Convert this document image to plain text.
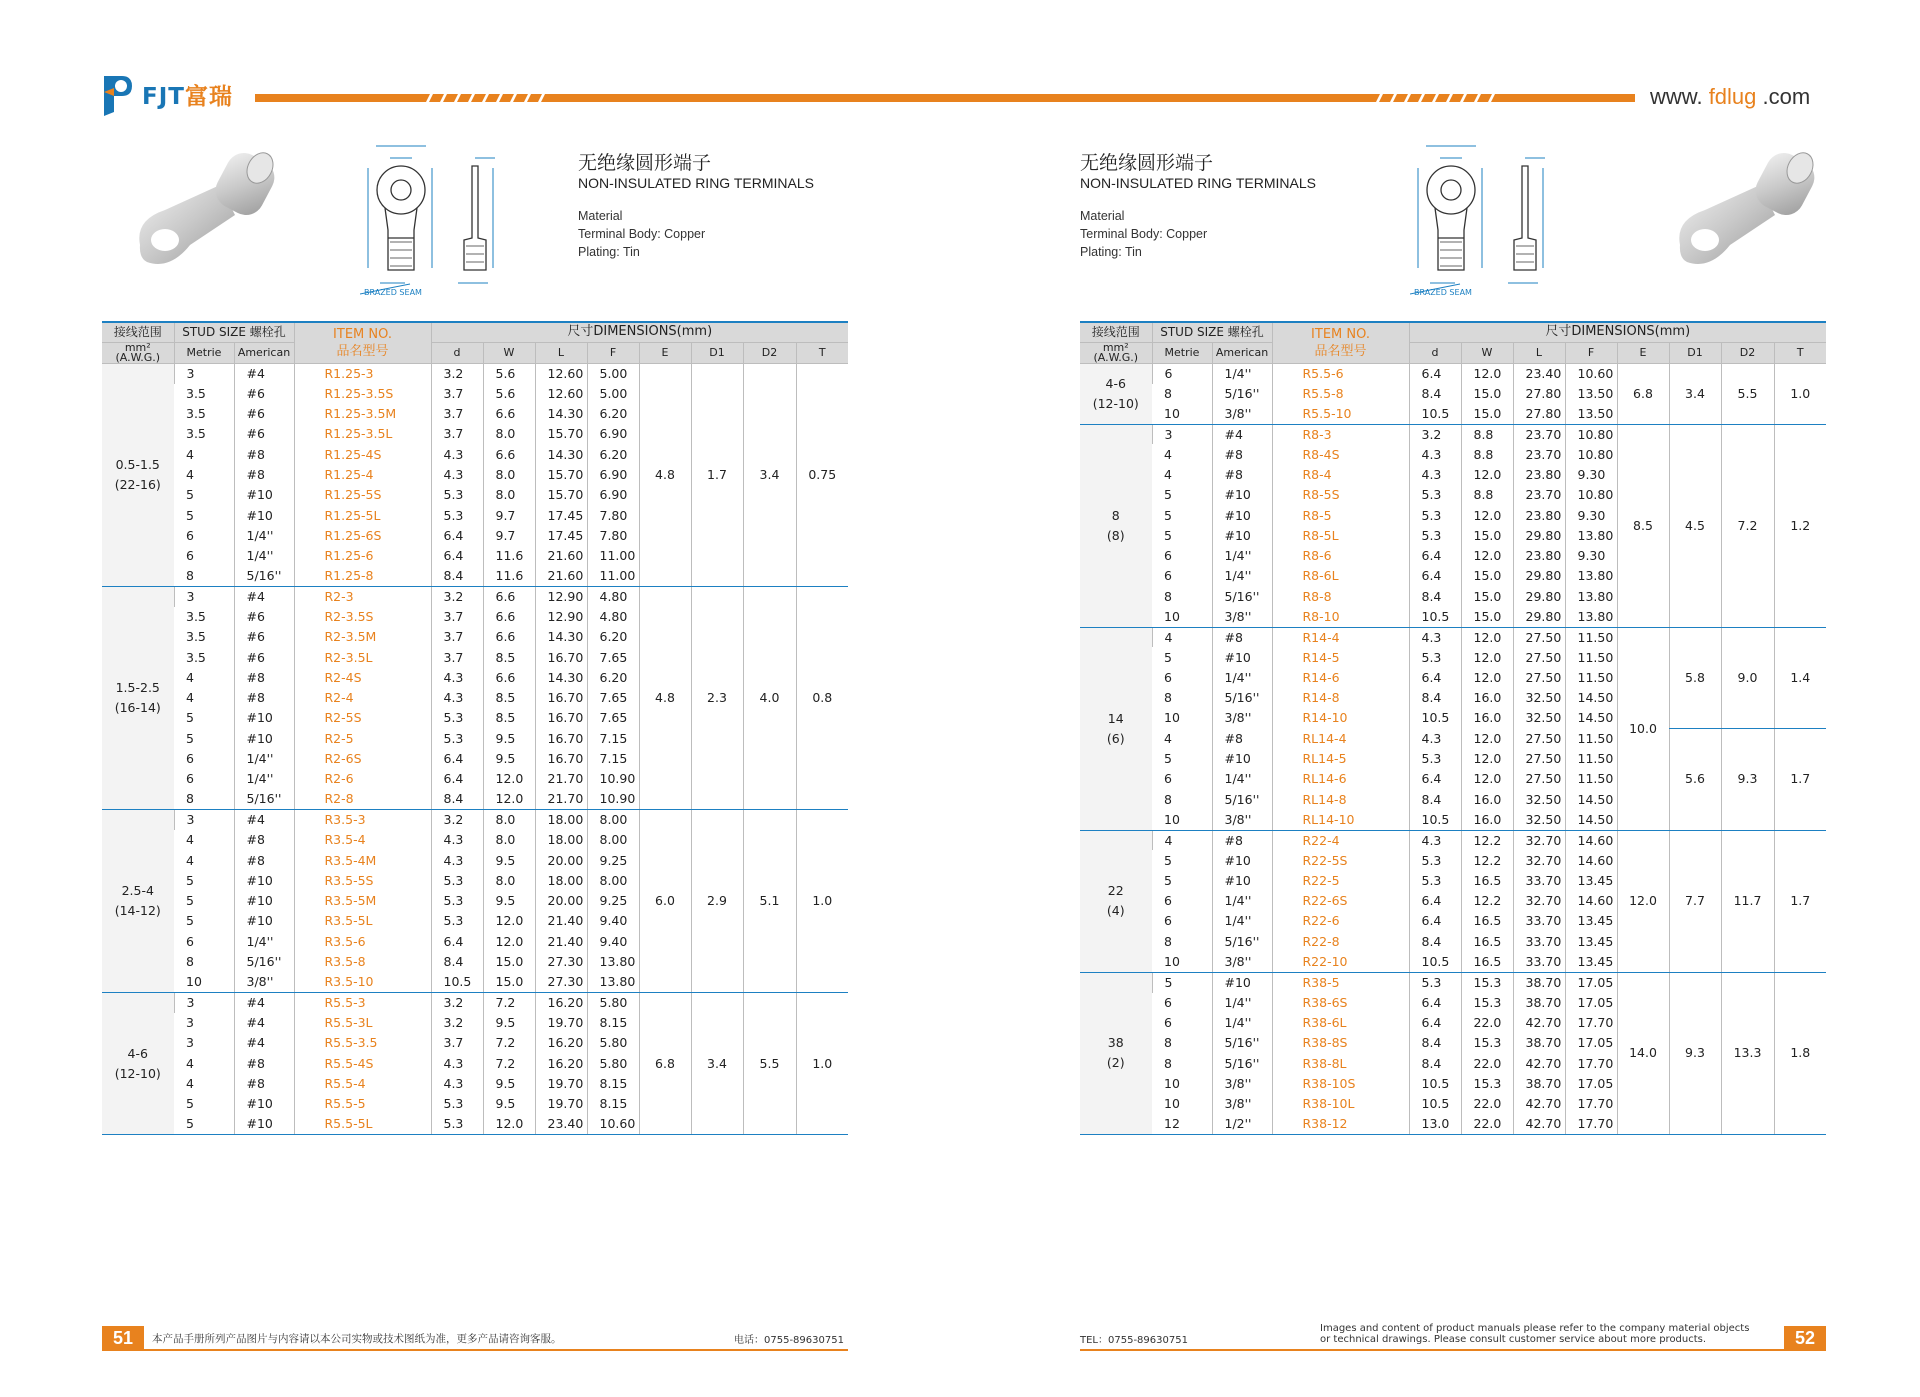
FJT富瑞	www. fdlug .com
BRAZED SEAM
无绝缘圆形端子
NON-INSULATED RING TERMINALS
Material
Terminal Body: Copper
Plating: Tin
无绝缘圆形端子
NON-INSULATED RING TERMINALS
Material
Terminal Body: Copper
Plating: Tin
BRAZED SEAM
接线范围	STUD SIZE 螺栓孔		ITEM NO.
品名型号	尺寸DIMENSIONS(mm)							

mm²
(A.W.G.)	Metrie	American		d	W	L	F	E	D1	D2	T

0.5-1.5
(22-16)	3	#4	R1.25-3	3.2	5.6	12.60	5.00	4.8	1.7	3.4	0.75
	3.5	#6	R1.25-3.5S	3.7	5.6	12.60	5.00				
	3.5	#6	R1.25-3.5M	3.7	6.6	14.30	6.20				
	3.5	#6	R1.25-3.5L	3.7	8.0	15.70	6.90				
	4	#8	R1.25-4S	4.3	6.6	14.30	6.20				
	4	#8	R1.25-4	4.3	8.0	15.70	6.90				
	5	#10	R1.25-5S	5.3	8.0	15.70	6.90				
	5	#10	R1.25-5L	5.3	9.7	17.45	7.80				
	6	1/4''	R1.25-6S	6.4	9.7	17.45	7.80				
	6	1/4''	R1.25-6	6.4	11.6	21.60	11.00				
	8	5/16''	R1.25-8	8.4	11.6	21.60	11.00				

1.5-2.5
(16-14)	3	#4	R2-3	3.2	6.6	12.90	4.80	4.8	2.3	4.0	0.8
	3.5	#6	R2-3.5S	3.7	6.6	12.90	4.80				
	3.5	#6	R2-3.5M	3.7	6.6	14.30	6.20				
	3.5	#6	R2-3.5L	3.7	8.5	16.70	7.65				
	4	#8	R2-4S	4.3	6.6	14.30	6.20				
	4	#8	R2-4	4.3	8.5	16.70	7.65				
	5	#10	R2-5S	5.3	8.5	16.70	7.65				
	5	#10	R2-5	5.3	9.5	16.70	7.15				
	6	1/4''	R2-6S	6.4	9.5	16.70	7.15				
	6	1/4''	R2-6	6.4	12.0	21.70	10.90				
	8	5/16''	R2-8	8.4	12.0	21.70	10.90				

2.5-4
(14-12)	3	#4	R3.5-3	3.2	8.0	18.00	8.00	6.0	2.9	5.1	1.0
	4	#8	R3.5-4	4.3	8.0	18.00	8.00				
	4	#8	R3.5-4M	4.3	9.5	20.00	9.25				
	5	#10	R3.5-5S	5.3	8.0	18.00	8.00				
	5	#10	R3.5-5M	5.3	9.5	20.00	9.25				
	5	#10	R3.5-5L	5.3	12.0	21.40	9.40				
	6	1/4''	R3.5-6	6.4	12.0	21.40	9.40				
	8	5/16''	R3.5-8	8.4	15.0	27.30	13.80				
	10	3/8''	R3.5-10	10.5	15.0	27.30	13.80				

4-6
(12-10)	3	#4	R5.5-3	3.2	7.2	16.20	5.80	6.8	3.4	5.5	1.0
	3	#4	R5.5-3L	3.2	9.5	19.70	8.15				
	3	#4	R5.5-3.5	3.7	7.2	16.20	5.80				
	4	#8	R5.5-4S	4.3	7.2	16.20	5.80				
	4	#8	R5.5-4	4.3	9.5	19.70	8.15				
	5	#10	R5.5-5	5.3	9.5	19.70	8.15				
	5	#10	R5.5-5L	5.3	12.0	23.40	10.60				
接线范围	STUD SIZE 螺栓孔		ITEM NO.
品名型号	尺寸DIMENSIONS(mm)							

mm²
(A.W.G.)	Metrie	American		d	W	L	F	E	D1	D2	T

4-6
(12-10)	6	1/4''	R5.5-6	6.4	12.0	23.40	10.60	6.8	3.4	5.5	1.0
	8	5/16''	R5.5-8	8.4	15.0	27.80	13.50				
	10	3/8''	R5.5-10	10.5	15.0	27.80	13.50				

8
(8)	3	#4	R8-3	3.2	8.8	23.70	10.80	8.5	4.5	7.2	1.2
	4	#8	R8-4S	4.3	8.8	23.70	10.80				
	4	#8	R8-4	4.3	12.0	23.80	9.30				
	5	#10	R8-5S	5.3	8.8	23.70	10.80				
	5	#10	R8-5	5.3	12.0	23.80	9.30				
	5	#10	R8-5L	5.3	15.0	29.80	13.80				
	6	1/4''	R8-6	6.4	12.0	23.80	9.30				
	6	1/4''	R8-6L	6.4	15.0	29.80	13.80				
	8	5/16''	R8-8	8.4	15.0	29.80	13.80				
	10	3/8''	R8-10	10.5	15.0	29.80	13.80				

14
(6)	4	#8	R14-4	4.3	12.0	27.50	11.50	10.0	5.8	9.0	1.4
	5	#10	R14-5	5.3	12.0	27.50	11.50				
	6	1/4''	R14-6	6.4	12.0	27.50	11.50				
	8	5/16''	R14-8	8.4	16.0	32.50	14.50				
	10	3/8''	R14-10	10.5	16.0	32.50	14.50				
	4	#8	RL14-4	4.3	12.0	27.50	11.50		5.6	9.3	1.7
	5	#10	RL14-5	5.3	12.0	27.50	11.50				
	6	1/4''	RL14-6	6.4	12.0	27.50	11.50				
	8	5/16''	RL14-8	8.4	16.0	32.50	14.50				
	10	3/8''	RL14-10	10.5	16.0	32.50	14.50				

22
(4)	4	#8	R22-4	4.3	12.2	32.70	14.60	12.0	7.7	11.7	1.7
	5	#10	R22-5S	5.3	12.2	32.70	14.60				
	5	#10	R22-5	5.3	16.5	33.70	13.45				
	6	1/4''	R22-6S	6.4	12.2	32.70	14.60				
	6	1/4''	R22-6	6.4	16.5	33.70	13.45				
	8	5/16''	R22-8	8.4	16.5	33.70	13.45				
	10	3/8''	R22-10	10.5	16.5	33.70	13.45				

38
(2)	5	#10	R38-5	5.3	15.3	38.70	17.05	14.0	9.3	13.3	1.8
	6	1/4''	R38-6S	6.4	15.3	38.70	17.05				
	6	1/4''	R38-6L	6.4	22.0	42.70	17.70				
	8	5/16''	R38-8S	8.4	15.3	38.70	17.05				
	8	5/16''	R38-8L	8.4	22.0	42.70	17.70				
	10	3/8''	R38-10S	10.5	15.3	38.70	17.05				
	10	3/8''	R38-10L	10.5	22.0	42.70	17.70				
	12	1/2''	R38-12	13.0	22.0	42.70	17.70				
51	本产品手册所列产品图片与内容请以本公司实物或技术图纸为准，更多产品请咨询客服。	电话：0755-89630751	TEL：0755-89630751
Images and content of product manuals please refer to the company material objects
or technical drawings. Please consult customer service about more products.	52
